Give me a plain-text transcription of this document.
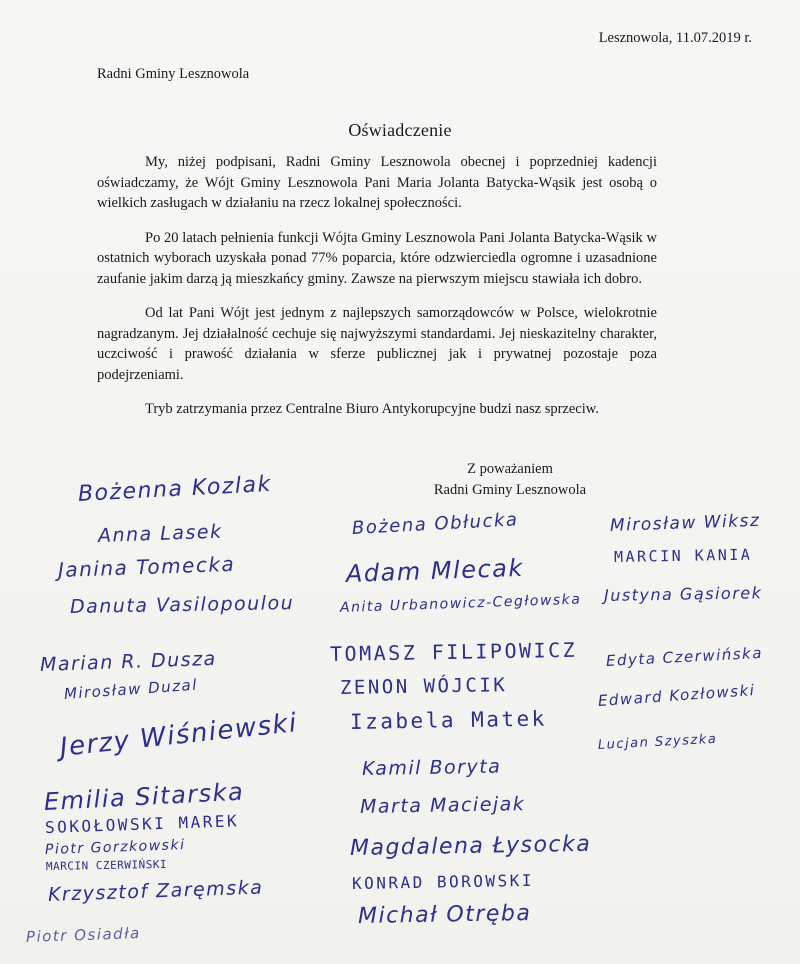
Lesznowola, 11.07.2019 r.
Radni Gminy Lesznowola
Oświadczenie

My, niżej podpisani, Radni Gminy Lesznowola obecnej i poprzedniej kadencji oświadczamy, że Wójt Gminy Lesznowola Pani Maria Jolanta Batycka-Wąsik jest osobą o wielkich zasługach w działaniu na rzecz lokalnej społeczności.

Po 20 latach pełnienia funkcji Wójta Gminy Lesznowola Pani Jolanta Batycka-Wąsik w ostatnich wyborach uzyskała ponad 77% poparcia, które odzwierciedla ogromne i uzasadnione zaufanie jakim darzą ją mieszkańcy gminy. Zawsze na pierwszym miejscu stawiała ich dobro.

Od lat Pani Wójt jest jednym z najlepszych samorządowców w Polsce, wielokrotnie nagradzanym. Jej działalność cechuje się najwyższymi standardami. Jej nieskazitelny charakter, uczciwość i prawość działania w sferze publicznej jak i prywatnej pozostaje poza podejrzeniami.

Tryb zatrzymania przez Centralne Biuro Antykorupcyjne budzi nasz sprzeciw.

Z poważaniem
Radni Gminy Lesznowola
Bożenna Kozlak
Anna Lasek
Janina Tomecka
Danuta Vasilopoulou
Marian R. Dusza
Mirosław Duzal
Jerzy Wiśniewski
Emilia Sitarska
SOKOŁOWSKI MAREK
Piotr Gorzkowski
MARCIN CZERWIŃSKI
Krzysztof Zaręmska
Piotr Osiadła
Bożena Obłucka
Adam Mlecak
Anita Urbanowicz-Cegłowska
TOMASZ FILIPOWICZ
ZENON WÓJCIK
Izabela Matek
Kamil Boryta
Marta Maciejak
Magdalena Łysocka
KONRAD BOROWSKI
Michał Otręba
Mirosław Wiksz
MARCIN KANIA
Justyna Gąsiorek
Edyta Czerwińska
Edward Kozłowski
Lucjan Szyszka
